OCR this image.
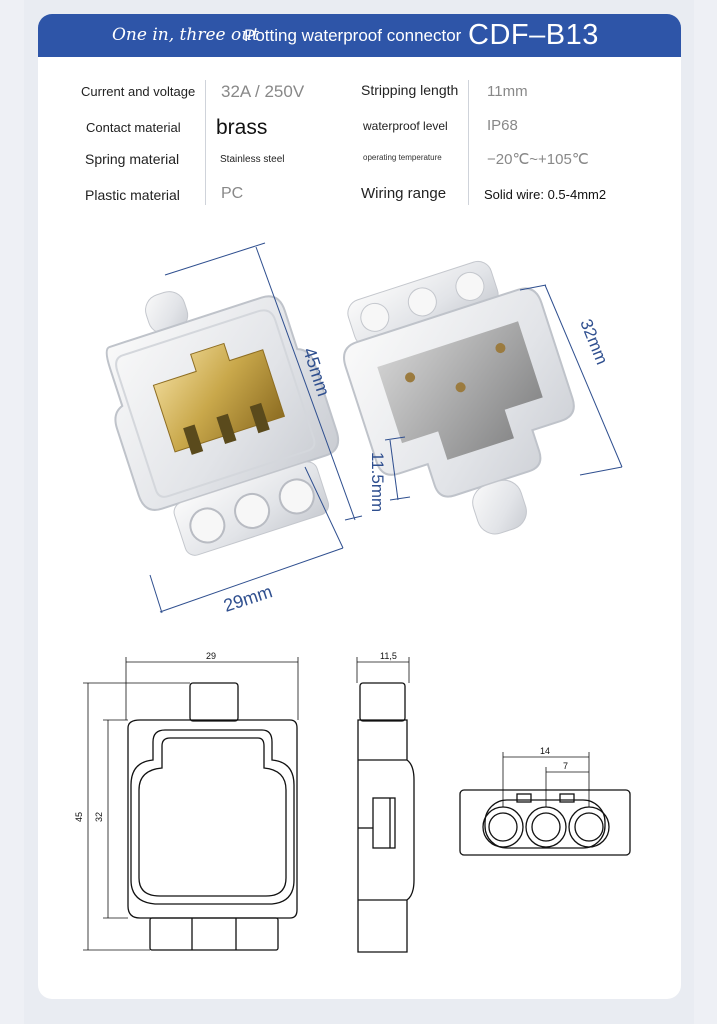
One in, three out
Potting waterproof connector CDF–B13
Current and voltage 32A / 250V
Contact material brass
Spring material	Stainless steel
Plastic material	PC
Stripping length 11mm
waterproof level	IP68
operating temperature	−20℃~+105℃
Wiring range	Solid wire: 0.5-4mm2
45mm
29mm
11.5mm
32mm
29
45 32
11,5
14
7
